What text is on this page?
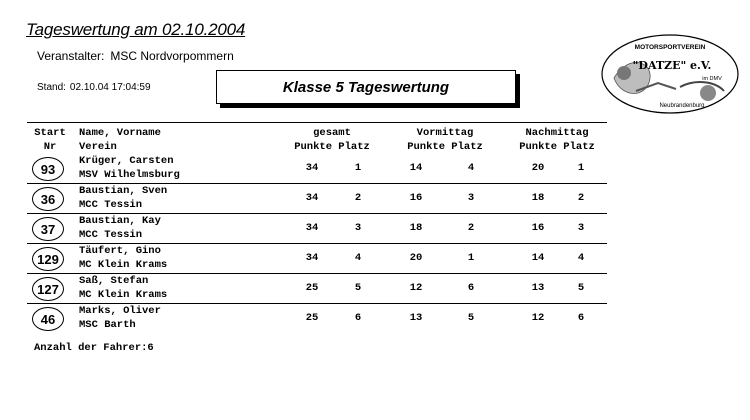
Tageswertung am 02.10.2004
Veranstalter: MSC Nordvorpommern
Stand: 02.10.04 17:04:59	Klasse 5 Tageswertung
MOTORSPORTVEREIN
"DATZE" e.V.
im DMV
Neubrandenburg
Start
Nr
Name, Vorname
Verein
gesamt
Punkte Platz
Vormittag
Punkte Platz
Nachmittag
Punkte Platz
93
Krüger, Carsten
MSV Wilhelmsburg
34	1	14	4	20	1
36
Baustian, Sven
MCC Tessin
34	2	16	3	18	2
37
Baustian, Kay
MCC Tessin
34	3	18	2	16	3
129
Täufert, Gino
MC Klein Krams
34	4	20	1	14	4
127
Saß, Stefan
MC Klein Krams
25	5	12	6	13	5
46
Marks, Oliver
MSC Barth
25	6	13	5	12	6
Anzahl der Fahrer:6
